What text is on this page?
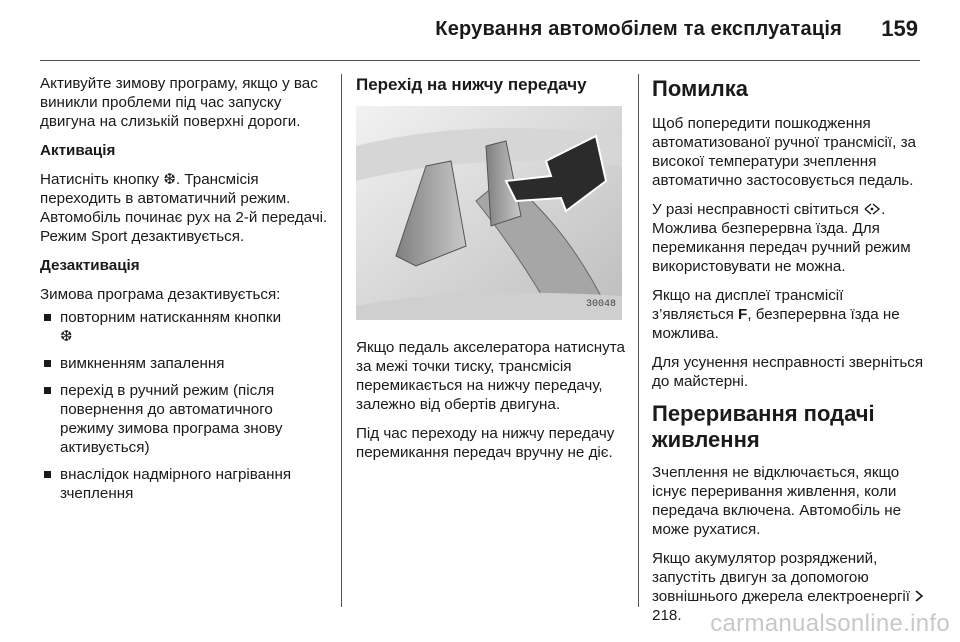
Керування автомобілем та експлуатація 159

Активуйте зимову програму, якщо у вас виникли проблеми під час запуску двигуна на слизькій поверхні дороги.

Активація

Натисніть кнопку ❆. Трансмісія переходить в автоматичний режим. Автомобіль починає рух на 2-й передачі. Режим Sport дезактивується.

Дезактивація

Зимова програма дезактивується:

повторним натисканням кнопки
❆
вимкненням запалення
перехід в ручний режим (після повернення до автоматичного режиму зимова програма знову активується)
внаслідок надмірного нагрівання зчеплення

Перехід на нижчу передачу

30048

Якщо педаль акселератора натиснута за межі точки тиску, трансмісія перемикається на нижчу передачу, залежно від обертів двигуна.

Під час переходу на нижчу передачу перемикання передач вручну не діє.

Помилка

Щоб попередити пошкодження автоматизованої ручної трансмісії, за високої температури зчеплення автоматично застосовується педаль.

У разі несправності світиться . Можлива безперервна їзда. Для перемикання передач ручний режим використовувати не можна.

Якщо на дисплеї трансмісії з’являється F, безперервна їзда не можлива.

Для усунення несправності зверніться до майстерні.

Переривання подачі живлення

Зчеплення не відключається, якщо існує переривання живлення, коли передача включена. Автомобіль не може рухатися.

Якщо акумулятор розряджений, запустіть двигун за допомогою зовнішнього джерела електроенергії  218.	carmanualsonline.info
